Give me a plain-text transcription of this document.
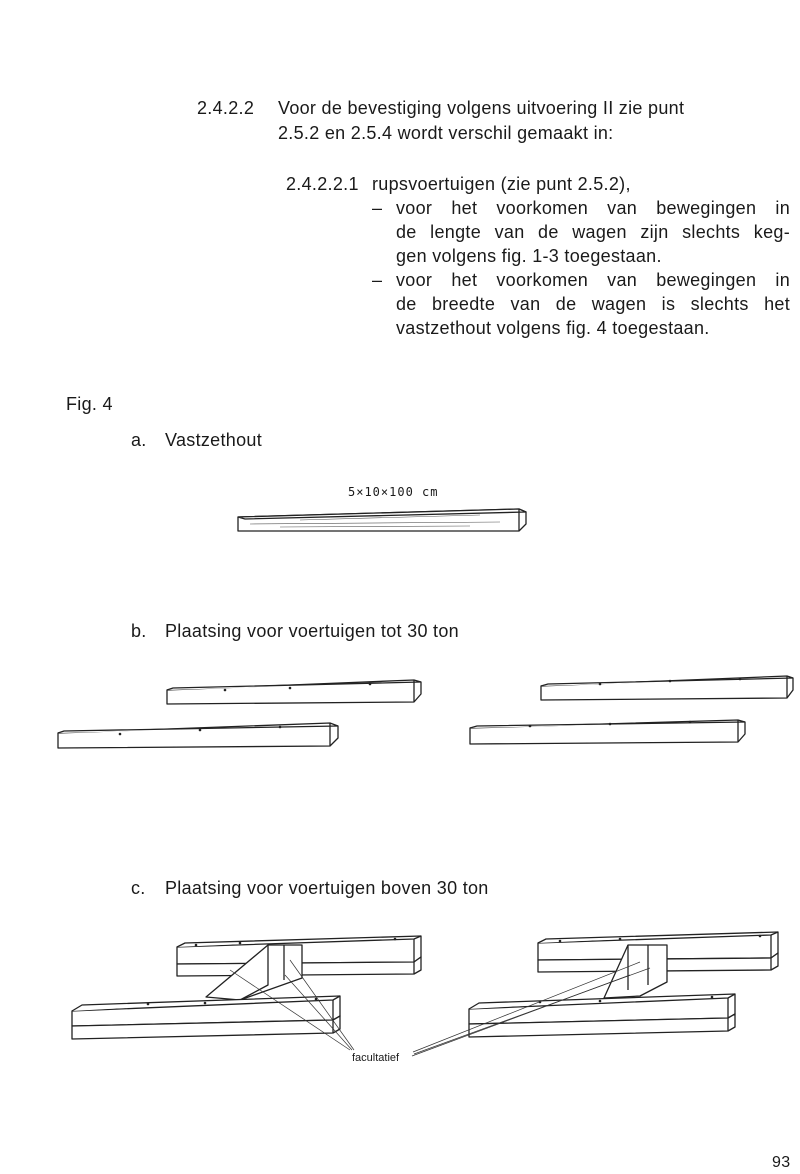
2.4.2.2 Voor de bevestiging volgens uitvoering II zie punt
2.5.2 en 2.5.4 wordt verschil gemaakt in:
2.4.2.2.1 rupsvoertuigen (zie punt 2.5.2),
– voor het voorkomen van bewegingen in
de lengte van de wagen zijn slechts keg-
gen volgens fig. 1-3 toegestaan.
– voor het voorkomen van bewegingen in
de breedte van de wagen is slechts het
vastzethout volgens fig. 4 toegestaan.
Fig. 4
a. Vastzethout
5×10×100 cm
b. Plaatsing voor voertuigen tot 30 ton
c. Plaatsing voor voertuigen boven 30 ton
facultatief
93
